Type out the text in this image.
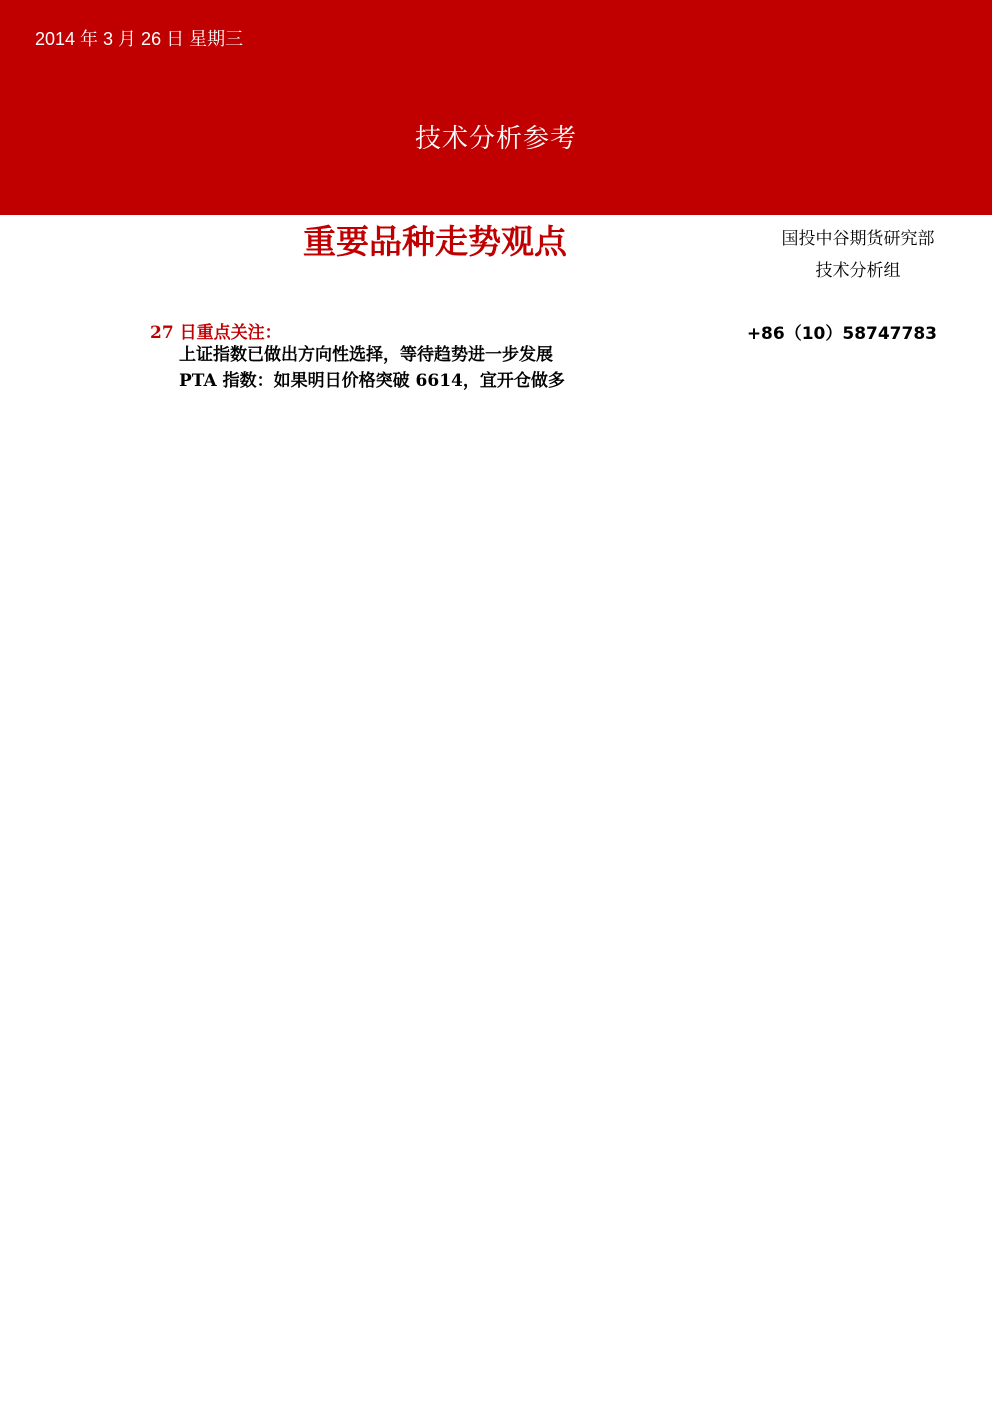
2014 年 3 月 26 日 星期三
技术分析参考
重要品种走势观点	国投中谷期货研究部
技术分析组
27 日重点关注：	+86（10）58747783
上证指数已做出方向性选择，等待趋势进一步发展
PTA 指数：如果明日价格突破 6614，宜开仓做多
